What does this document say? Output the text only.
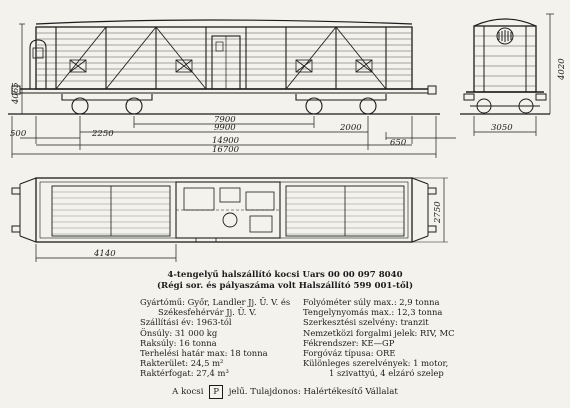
4065
7900
2000
9900
500	2250
650
14900
16700
4020
3050
2750
4140
4-tengelyű halszállító kocsi Uars 00 00 097 8040
(Régi sor. és pályaszáma volt Halszállító 599 001-től)
Gyártómű: Győr, Landler Jj. Ü. V. és
Székesfehérvár Jj. Ü. V.
Szállítási év: 1963-tól
Önsúly: 31 000 kg
Raksúly: 16 tonna
Terhelési határ max: 18 tonna
Rakterület: 24,5 m²
Raktérfogat: 27,4 m³
Folyóméter súly max.: 2,9 tonna
Tengelynyomás max.: 12,3 tonna
Szerkesztési szelvény: tranzit
Nemzetközi forgalmi jelek: RIV, MC
Fékrendszer: KE—GP
Forgóváz típusa: ORE
Különleges szerelvények: 1 motor,
1 szivattyú, 4 elzáró szelep
A kocsi P jelű. Tulajdonos: Halértékesítő Vállalat
